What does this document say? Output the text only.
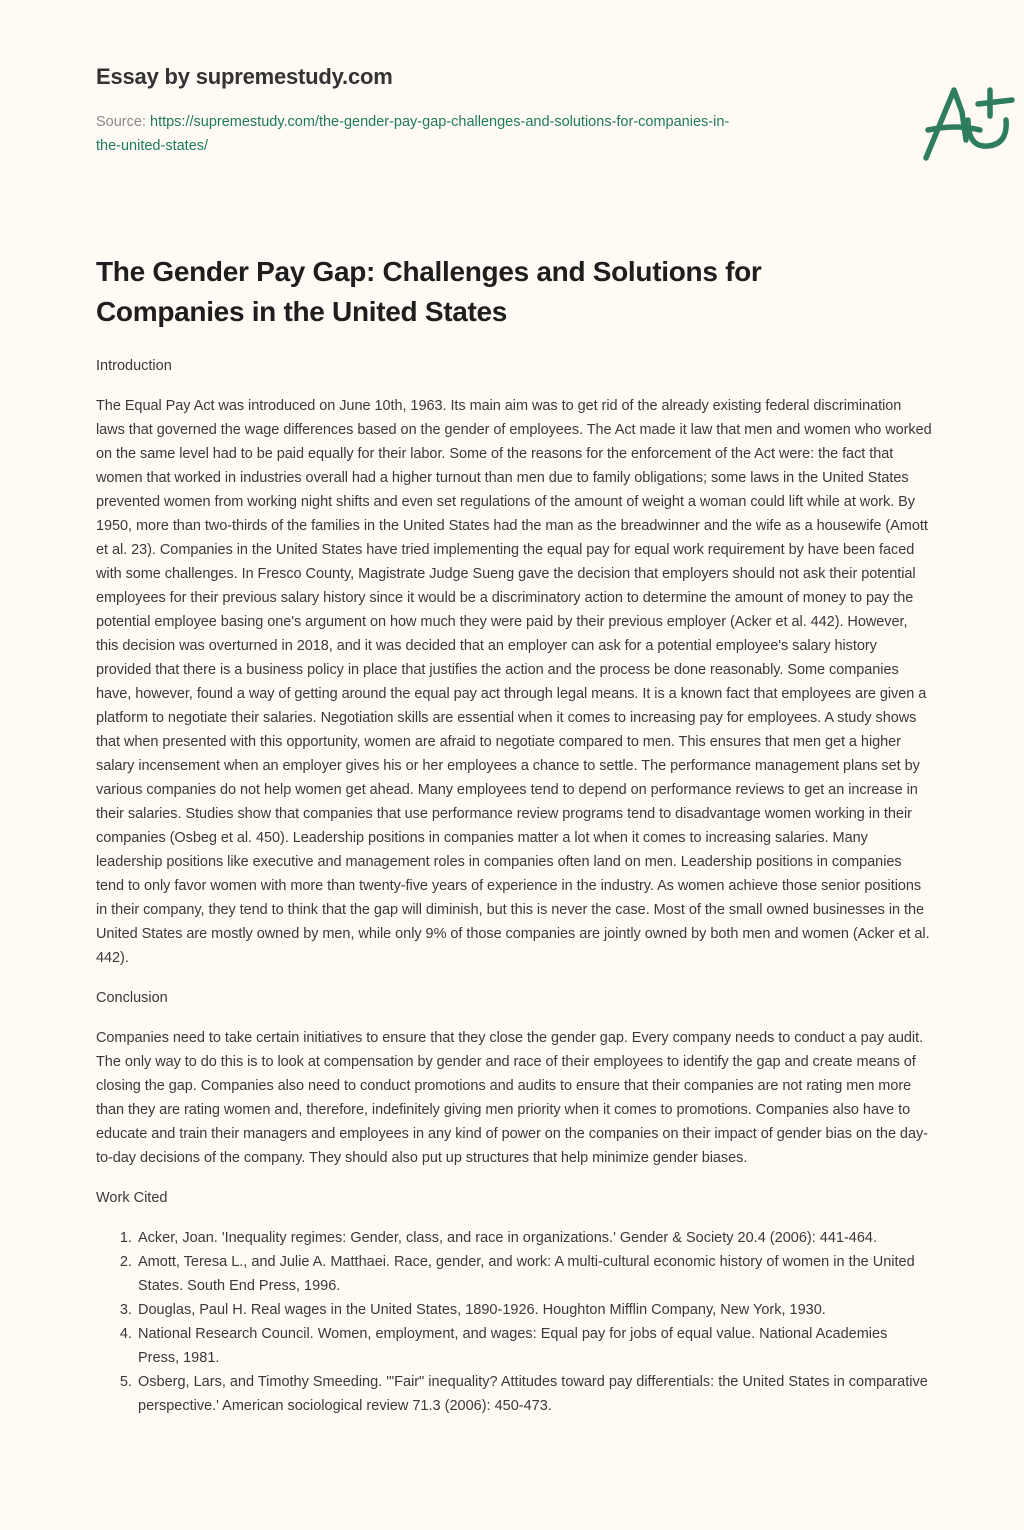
Essay by supremestudy.com
Source: https://supremestudy.com/the-gender-pay-gap-challenges-and-solutions-for-companies-in-the-united-states/
The Gender Pay Gap: Challenges and Solutions for Companies in the United States

Introduction

The Equal Pay Act was introduced on June 10th, 1963. Its main aim was to get rid of the already existing federal discrimination laws that governed the wage differences based on the gender of employees. The Act made it law that men and women who worked on the same level had to be paid equally for their labor. Some of the reasons for the enforcement of the Act were: the fact that women that worked in industries overall had a higher turnout than men due to family obligations; some laws in the United States prevented women from working night shifts and even set regulations of the amount of weight a woman could lift while at work. By 1950, more than two-thirds of the families in the United States had the man as the breadwinner and the wife as a housewife (Amott et al. 23). Companies in the United States have tried implementing the equal pay for equal work requirement by have been faced with some challenges. In Fresco County, Magistrate Judge Sueng gave the decision that employers should not ask their potential employees for their previous salary history since it would be a discriminatory action to determine the amount of money to pay the potential employee basing one's argument on how much they were paid by their previous employer (Acker et al. 442). However, this decision was overturned in 2018, and it was decided that an employer can ask for a potential employee's salary history provided that there is a business policy in place that justifies the action and the process be done reasonably. Some companies have, however, found a way of getting around the equal pay act through legal means. It is a known fact that employees are given a platform to negotiate their salaries. Negotiation skills are essential when it comes to increasing pay for employees. A study shows that when presented with this opportunity, women are afraid to negotiate compared to men. This ensures that men get a higher salary incensement when an employer gives his or her employees a chance to settle. The performance management plans set by various companies do not help women get ahead. Many employees tend to depend on performance reviews to get an increase in their salaries. Studies show that companies that use performance review programs tend to disadvantage women working in their companies (Osbeg et al. 450). Leadership positions in companies matter a lot when it comes to increasing salaries. Many leadership positions like executive and management roles in companies often land on men. Leadership positions in companies tend to only favor women with more than twenty-five years of experience in the industry. As women achieve those senior positions in their company, they tend to think that the gap will diminish, but this is never the case. Most of the small owned businesses in the United States are mostly owned by men, while only 9% of those companies are jointly owned by both men and women (Acker et al. 442).

Conclusion

Companies need to take certain initiatives to ensure that they close the gender gap. Every company needs to conduct a pay audit. The only way to do this is to look at compensation by gender and race of their employees to identify the gap and create means of closing the gap. Companies also need to conduct promotions and audits to ensure that their companies are not rating men more than they are rating women and, therefore, indefinitely giving men priority when it comes to promotions. Companies also have to educate and train their managers and employees in any kind of power on the companies on their impact of gender bias on the day-to-day decisions of the company. They should also put up structures that help minimize gender biases.

Work Cited

1. Acker, Joan. 'Inequality regimes: Gender, class, and race in organizations.' Gender & Society 20.4 (2006): 441-464.
2. Amott, Teresa L., and Julie A. Matthaei. Race, gender, and work: A multi-cultural economic history of women in the United States. South End Press, 1996.
3. Douglas, Paul H. Real wages in the United States, 1890-1926. Houghton Mifflin Company, New York, 1930.
4. National Research Council. Women, employment, and wages: Equal pay for jobs of equal value. National Academies Press, 1981.
5. Osberg, Lars, and Timothy Smeeding. '"Fair" inequality? Attitudes toward pay differentials: the United States in comparative perspective.' American sociological review 71.3 (2006): 450-473.
